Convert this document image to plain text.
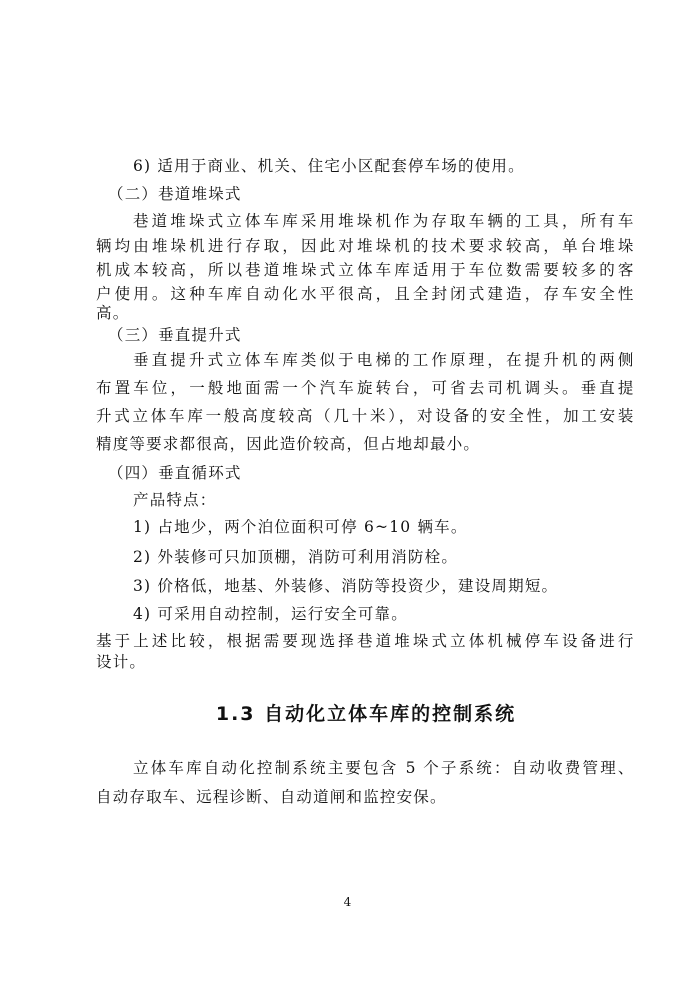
6) 适用于商业、机关、住宅小区配套停车场的使用。
（二）巷道堆垛式
巷道堆垛式立体车库采用堆垛机作为存取车辆的工具，所有车
辆均由堆垛机进行存取，因此对堆垛机的技术要求较高，单台堆垛
机成本较高，所以巷道堆垛式立体车库适用于车位数需要较多的客
户使用。这种车库自动化水平很高，且全封闭式建造，存车安全性
高。
（三）垂直提升式
垂直提升式立体车库类似于电梯的工作原理，在提升机的两侧
布置车位，一般地面需一个汽车旋转台，可省去司机调头。垂直提
升式立体车库一般高度较高（几十米），对设备的安全性，加工安装
精度等要求都很高，因此造价较高，但占地却最小。
（四）垂直循环式
产品特点：
1) 占地少，两个泊位面积可停 6~10 辆车。
2) 外装修可只加顶棚，消防可利用消防栓。
3) 价格低，地基、外装修、消防等投资少，建设周期短。
4) 可采用自动控制，运行安全可靠。
基于上述比较，根据需要现选择巷道堆垛式立体机械停车设备进行
设计。
1.3 自动化立体车库的控制系统
立体车库自动化控制系统主要包含 5 个子系统：自动收费管理、
自动存取车、远程诊断、自动道闸和监控安保。
4
